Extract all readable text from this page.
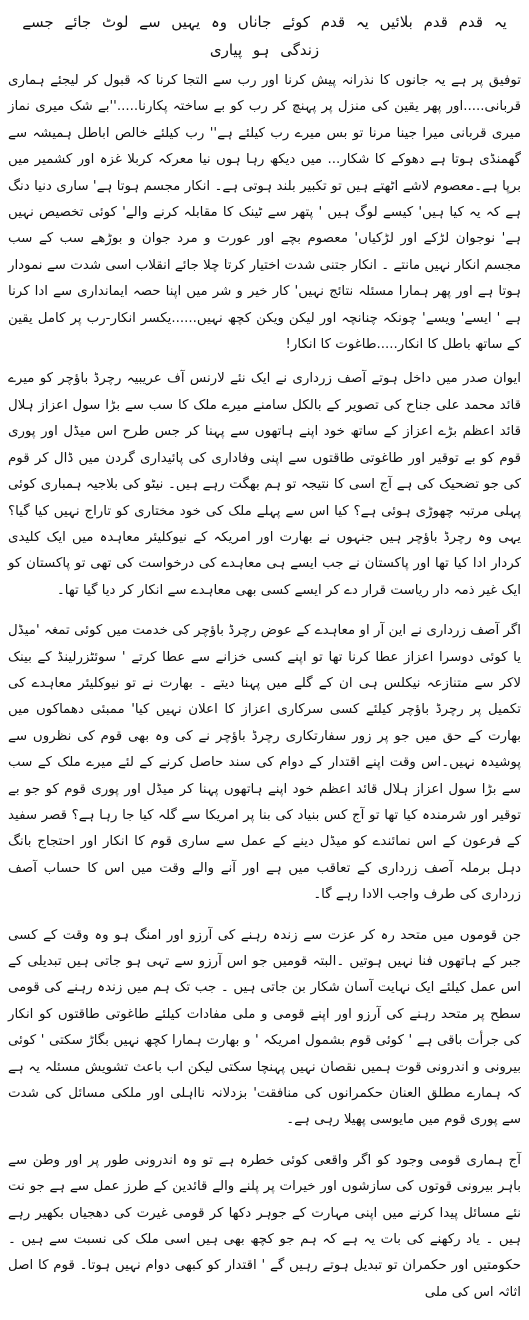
یہ قدم قدم بلائیں یہ قدم کوئے جاناں وہ یہیں سے لوٹ جائے جسے زندگی ہو پیاری

توفیق پر ہے یہ جانوں کا نذرانہ پیش کرنا اور رب سے التجا کرنا کہ قبول کر لیجئے ہماری قربانی.....اور پھر یقین کی منزل پر پہنچ کر رب کو بے ساختہ پکارنا.....''بے شک میری نماز میری قربانی میرا جینا مرنا تو بس میرے رب کیلئے ہے'' رب کیلئے خالص اباطل ہمیشہ سے گھمنڈی ہوتا ہے دھوکے کا شکار... میں دیکھ رہا ہوں نیا معرکہ کربلا غزہ اور کشمیر میں برپا ہے۔معصوم لاشے اٹھتے ہیں تو تکبیر بلند ہوتی ہے۔ انکار مجسم ہوتا ہے' ساری دنیا دنگ ہے کہ یہ کیا ہیں' کیسے لوگ ہیں ' پتھر سے ٹینک کا مقابلہ کرنے والے' کوئی تخصیص نہیں ہے' نوجوان لڑکے اور لڑکیاں' معصوم بچے اور عورت و مرد جوان و بوڑھے سب کے سب مجسم انکار نہیں مانتے ۔ انکار جتنی شدت اختیار کرتا چلا جائے انقلاب اسی شدت سے نمودار ہوتا ہے اور پھر ہمارا مسئلہ نتائج نہیں' کار خیر و شر میں اپنا حصہ ایمانداری سے ادا کرنا ہے ' ایسے' ویسے' چونکہ چنانچہ اور لیکن ویکن کچھ نہیں......یکسر انکار-رب پر کامل یقین کے ساتھ باطل کا انکار.....طاغوت کا انکار!

ایوان صدر میں داخل ہوتے آصف زرداری نے ایک نئے لارنس آف عریبیہ رچرڈ باؤچر کو میرے قائد محمد علی جناح کی تصویر کے بالکل سامنے میرے ملک کا سب سے بڑا سول اعزاز ہلال قائد اعظم بڑے اعزاز کے ساتھ خود اپنے ہاتھوں سے پہنا کر جس طرح اس میڈل اور پوری قوم کو بے توقیر اور طاغوتی طاقتوں سے اپنی وفاداری کی پائیداری گردن میں ڈال کر قوم کی جو تضحیک کی ہے آج اسی کا نتیجہ تو ہم بھگت رہے ہیں۔ نیٹو کی بلاجیہ ہمباری کوئی پہلی مرتبہ چھوڑی ہوئی ہے؟ کیا اس سے پہلے ملک کی خود مختاری کو تاراج نہیں کیا گیا؟ یہی وہ رچرڈ باؤچر ہیں جنہوں نے بھارت اور امریکہ کے نیوکلیئر معاہدہ میں ایک کلیدی کردار ادا کیا تھا اور پاکستان نے جب ایسے ہی معاہدے کی درخواست کی تھی تو پاکستان کو ایک غیر ذمہ دار ریاست قرار دے کر ایسے کسی بھی معاہدے سے انکار کر دیا گیا تھا۔

اگر آصف زرداری نے این آر او معاہدے کے عوض رچرڈ باؤچر کی خدمت میں کوئی تمغہ 'میڈل یا کوئی دوسرا اعزاز عطا کرنا تھا تو اپنے کسی خزانے سے عطا کرتے ' سوئٹزرلینڈ کے بینک لاکر سے متنازعہ نیکلس ہی ان کے گلے میں پہنا دیتے ۔ بھارت نے تو نیوکلیئر معاہدے کی تکمیل پر رچرڈ باؤچر کیلئے کسی سرکاری اعزاز کا اعلان نہیں کیا' ممبئی دھماکوں میں بھارت کے حق میں جو پر زور سفارتکاری رچرڈ باؤچر نے کی وہ بھی قوم کی نظروں سے پوشیدہ نہیں۔اس وقت اپنے اقتدار کے دوام کی سند حاصل کرنے کے لئے میرے ملک کے سب سے بڑا سول اعزاز ہلال قائد اعظم خود اپنے ہاتھوں پہنا کر میڈل اور پوری قوم کو جو بے توقیر اور شرمندہ کیا تھا تو آج کس بنیاد کی بنا پر امریکا سے گلہ کیا جا رہا ہے؟ قصر سفید کے فرعون کے اس نمائندے کو میڈل دینے کے عمل سے ساری قوم کا انکار اور احتجاج بانگ دہل برملہ آصف زرداری کے تعاقب میں ہے اور آنے والے وقت میں اس کا حساب آصف زرداری کی طرف واجب الادا رہے گا۔

جن قوموں میں متحد رہ کر عزت سے زندہ رہنے کی آرزو اور امنگ ہو وہ وقت کے کسی جبر کے ہاتھوں فنا نہیں ہوتیں ۔البتہ قومیں جو اس آرزو سے تہی ہو جاتی ہیں تبدیلی کے اس عمل کیلئے ایک نہایت آسان شکار بن جاتی ہیں ۔ جب تک ہم میں زندہ رہنے کی قومی سطح پر متحد رہنے کی آرزو اور اپنے قومی و ملی مفادات کیلئے طاغوتی طاقتوں کو انکار کی جرأت باقی ہے ' کوئی قوم بشمول امریکہ ' و بھارت ہمارا کچھ نہیں بگاڑ سکتی ' کوئی بیرونی و اندرونی قوت ہمیں نقصان نہیں پہنچا سکتی لیکن اب باعث تشویش مسئلہ یہ ہے کہ ہمارے مطلق العنان حکمرانوں کی منافقت' بزدلانہ نااہلی اور ملکی مسائل کی شدت سے پوری قوم میں مایوسی پھیلا رہی ہے۔

آج ہماری قومی وجود کو اگر واقعی کوئی خطرہ ہے تو وہ اندرونی طور پر اور وطن سے باہر بیرونی قوتوں کی سازشوں اور خیرات پر پلنے والے قائدین کے طرز عمل سے ہے جو نت نئے مسائل پیدا کرنے میں اپنی مہارت کے جوہر دکھا کر قومی غیرت کی دھجیاں بکھیر رہے ہیں ۔ یاد رکھنے کی بات یہ ہے کہ ہم جو کچھ بھی ہیں اسی ملک کی نسبت سے ہیں ۔ حکومتیں اور حکمران تو تبدیل ہوتے رہیں گے ' اقتدار کو کبھی دوام نہیں ہوتا۔ قوم کا اصل اثاثہ اس کی ملی
